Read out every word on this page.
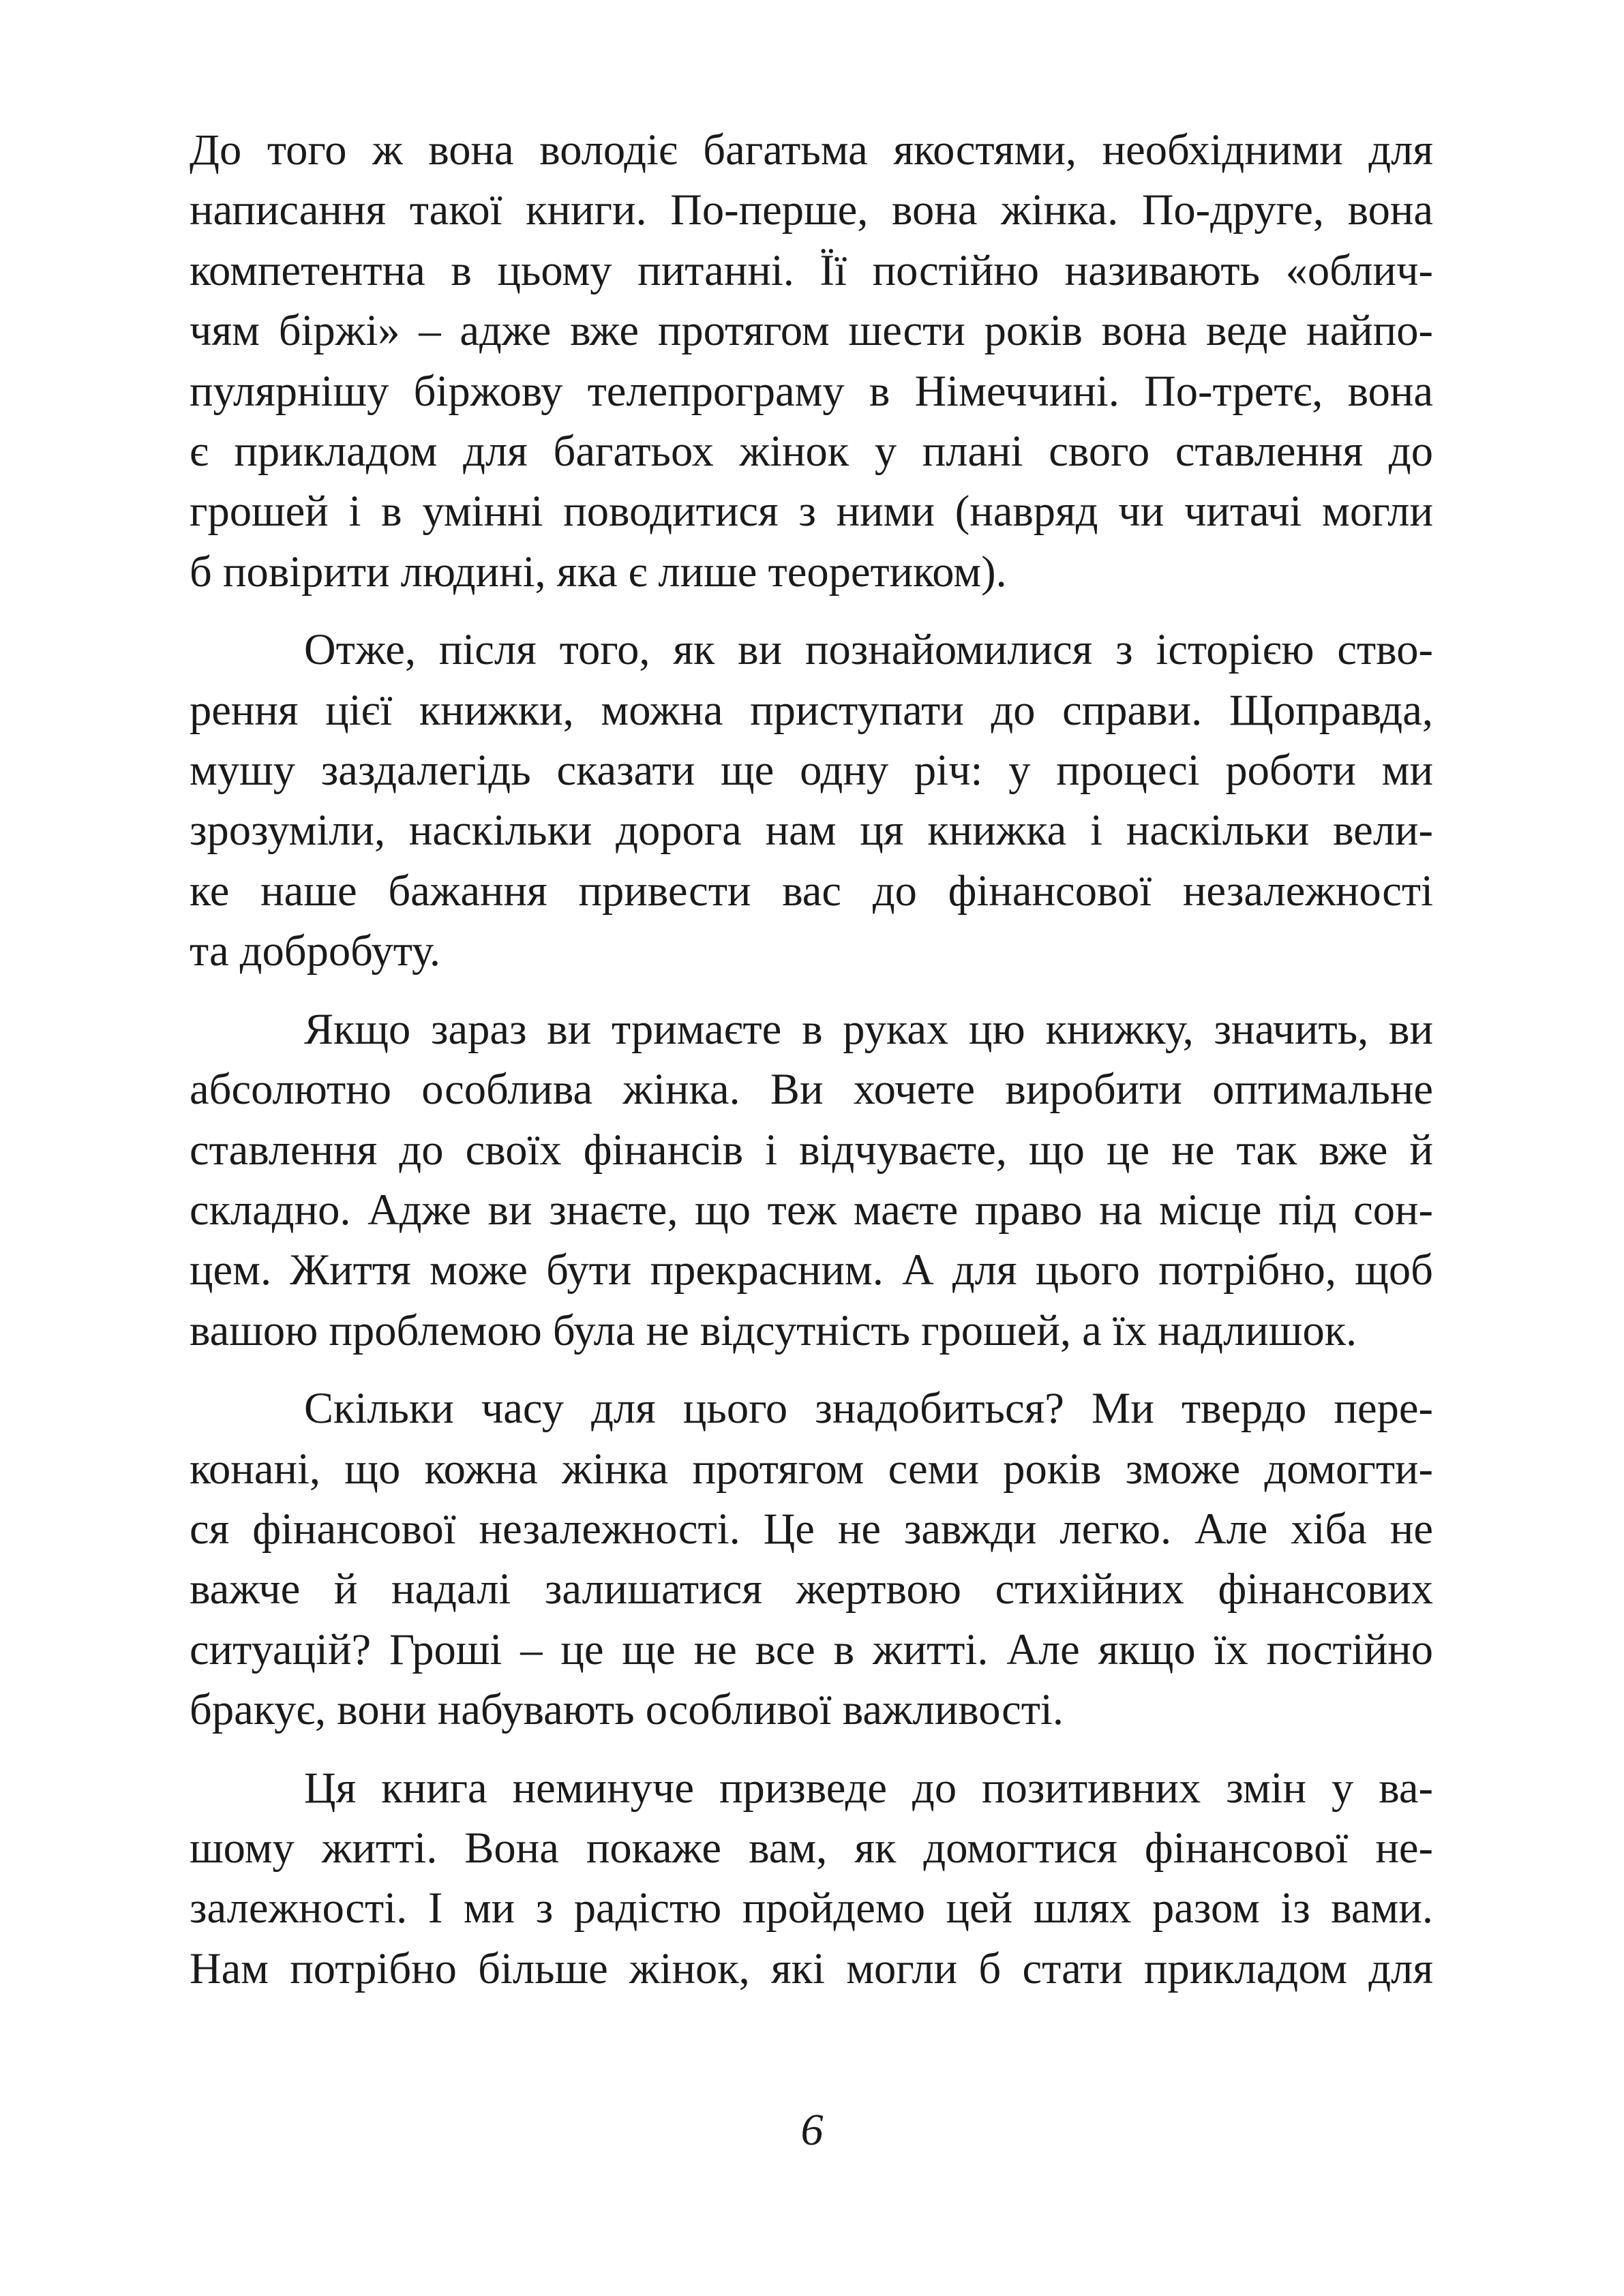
До того ж вона володіє багатьма якостями, необхідними для
написання такої книги. По-перше, вона жінка. По-друге, вона
компетентна в цьому питанні. Її постійно називають «облич-
чям біржі» – адже вже протягом шести років вона веде найпо-
пулярнішу біржову телепрограму в Німеччині. По-третє, вона
є прикладом для багатьох жінок у плані свого ставлення до
грошей і в умінні поводитися з ними (навряд чи читачі могли
б повірити людині, яка є лише теоретиком).

Отже, після того, як ви познайомилися з історією ство-
рення цієї книжки, можна приступати до справи. Щоправда,
мушу заздалегідь сказати ще одну річ: у процесі роботи ми
зрозуміли, наскільки дорога нам ця книжка і наскільки вели-
ке наше бажання привести вас до фінансової незалежності
та добробуту.

Якщо зараз ви тримаєте в руках цю книжку, значить, ви
абсолютно особлива жінка. Ви хочете виробити оптимальне
ставлення до своїх фінансів і відчуваєте, що це не так вже й
складно. Адже ви знаєте, що теж маєте право на місце під сон-
цем. Життя може бути прекрасним. А для цього потрібно, щоб
вашою проблемою була не відсутність грошей, а їх надлишок.

Скільки часу для цього знадобиться? Ми твердо пере-
конані, що кожна жінка протягом семи років зможе домогти-
ся фінансової незалежності. Це не завжди легко. Але хіба не
важче й надалі залишатися жертвою стихійних фінансових
ситуацій? Гроші – це ще не все в житті. Але якщо їх постійно
бракує, вони набувають особливої важливості.

Ця книга неминуче призведе до позитивних змін у ва-
шому житті. Вона покаже вам, як домогтися фінансової не-
залежності. І ми з радістю пройдемо цей шлях разом із вами.
Нам потрібно більше жінок, які могли б стати прикладом для

6
